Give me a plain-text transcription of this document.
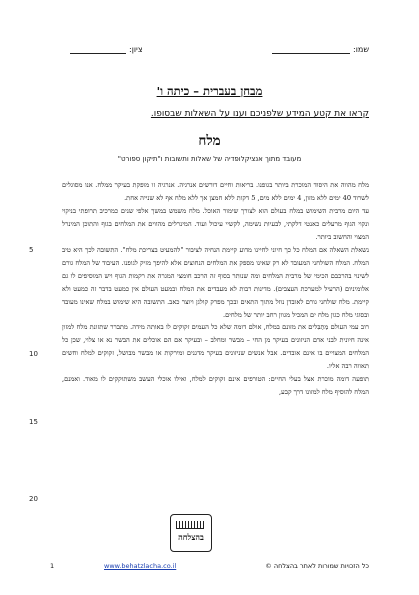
שמו:
ציון:
מבחן בעברית – כיתה ו'
קראו את קטע המידע שלפניכם וענו על השאלות שבסופו.
מלח
מעובד מתוך אנציקלופדיה של שאלות ותשובות ו"תיקון ספורט"

מלח מהווה את היסוד המוכרת ביותר בגופנו. בריאות וחיים דורשים אנרגיה. אנרגיה זו מופקת בעיקר ממלח. אנו מסוגלים לשרוד 40 ימים ללא מזון, 4 ימים ללא מים, 5 דקות ללא חמצן אך ללא מלח אף לא שנייה אחת.

עד היום מרבית השימוש במלח בעולם הוא לצורך שימור האוכל. מלח משמש במשך אלפי שנים כמרכיב תרופתי בניקוי ונקוי הגוף מרעלים כאנטי דלקתי, לבעיות נשימה, לקשיי עיכול ועוד. המינרלים מהווים את המלחים בגוף והתוכן המינרל המצוי והחשוב ביותר.

נשאלת השאלה אם המלח כל כך חיוני לחיינו מדוע קיימת הנחיה לציבור "להמעיט בצריכת מלח". התשובה לכך היא טיב המלח. המלח השולחני המעובד לא רק שאינו מספק את המלחים הנחוצים אלא להיפך מזיק לגופנו. העיבוד של המלח גורם לשינוי בהרכבם הכימי של מרבית המלחים ומה שנותר בסוף זה הרכב חומצי המגרה את רקמות הגוף ויש המוסיפים לו גם אלומיניום (הרעיל למערכת העצבים). מדינות רבות לא מעבדים את המלח ובמעט העולם אין כמעט בדבר זה כמעט ולא קיימת. מלח שולחני גורם לאובדן נוזל מתוך התאים ובכך מפרק קולגן ויוצר כאב. התשובה היא שימוש במלח שאינו מעובד ובסוגי מלח כגון מלח ים המכיל מגוון רחב יותר של מלחים.

רוב עמי העולם מַתְבִּלים את מזונם במלח, אולם דומה שלא כל העמים זקוקים לו באותה מידה. מתברר שתזונת מלח למזון אינה חיונית לבני אדם הניזונים בעיקר מן החי – מבשר ומחלב – ובעיקר אם הם אוכלים את הבשר נא או צלוי, שכן כל המלחים המצויים בו אינם אובדים. אבל אנשים שניזונים בעיקר מדגנים ומירקות או מבשר מבושל, זקוקים למלח וחשים תאווה רבה אליו.

תופעה דומה מוכרת אצל בעלי החיים: הטורפים אינם זקוקים למלח, ואילו אוכלי העשב משתוקקים לו מאוד. ואמנם, המלח להוסיף מלח למזונו דרך קבע,

5
10
15
20
בהצלחה
1	www.behatzlacha.co.il	כל הזכויות שמורות לאתר בהצלחה ©
